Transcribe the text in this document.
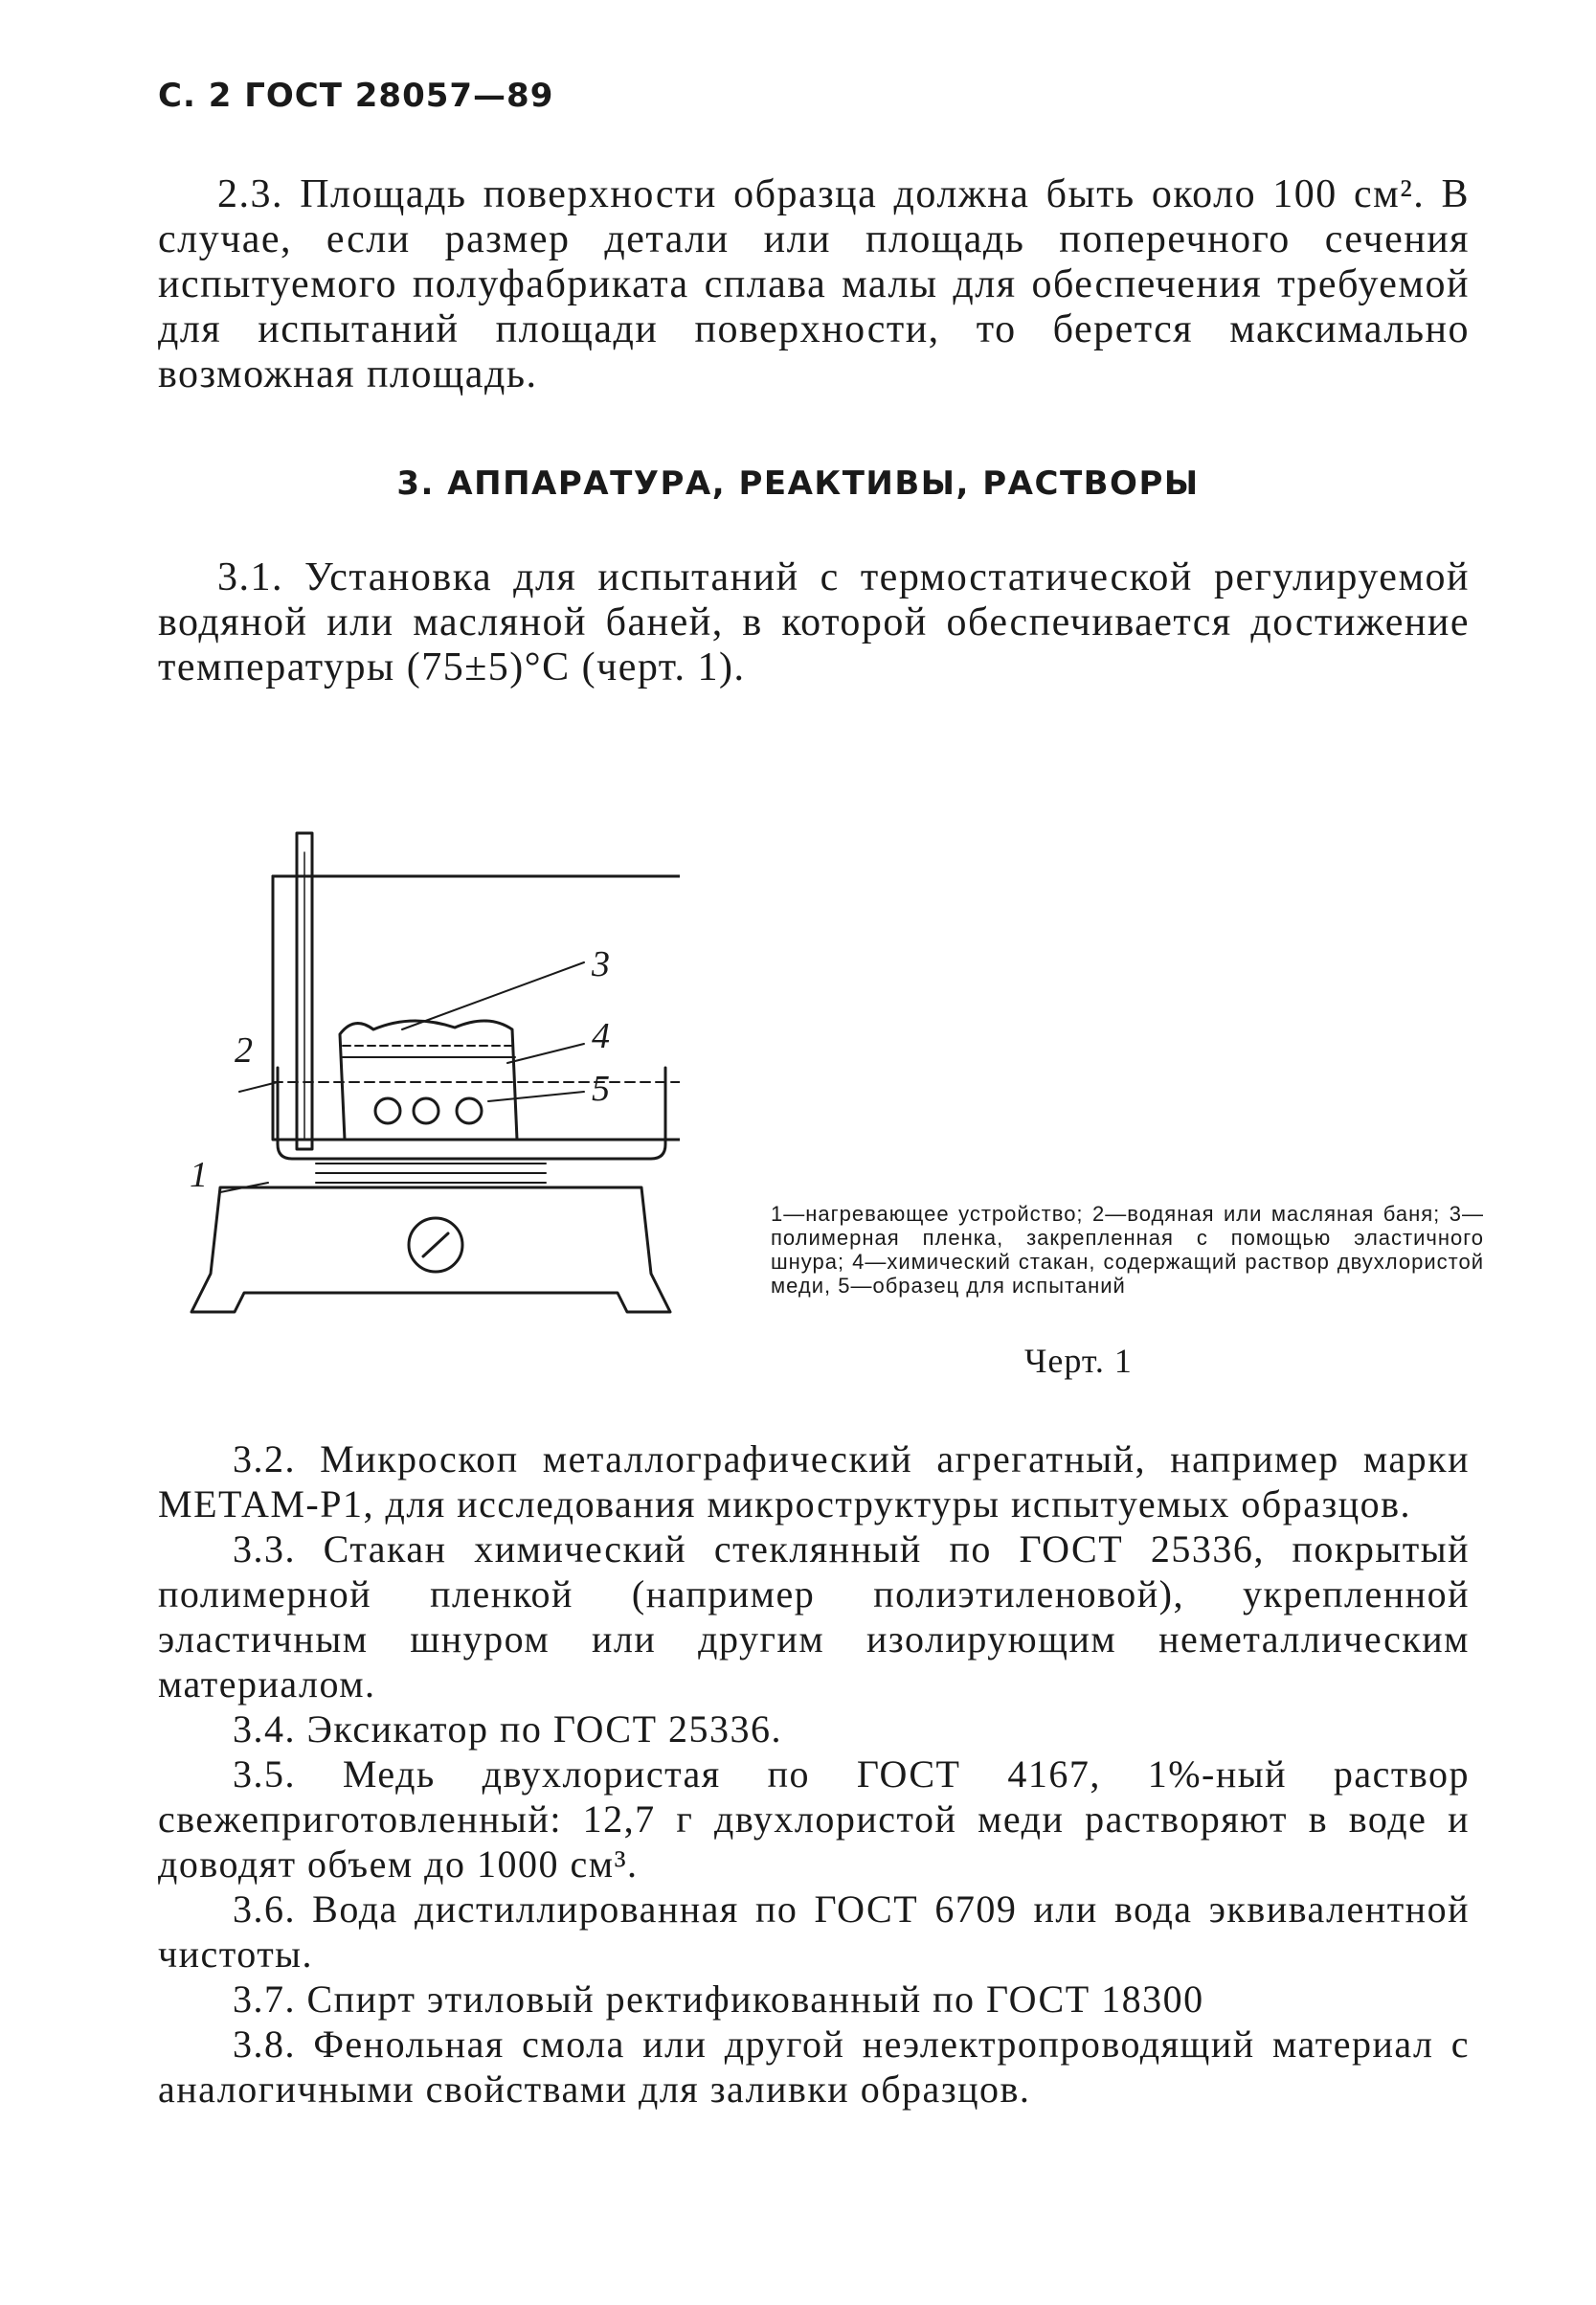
С. 2 ГОСТ 28057—89

2.3. Площадь поверхности образца должна быть около 100 см². В случае, если размер детали или площадь поперечного сечения испытуемого полуфабриката сплава малы для обеспечения требуемой для испытаний площади поверхности, то берется максимально возможная площадь.

3. АППАРАТУРА, РЕАКТИВЫ, РАСТВОРЫ

3.1. Установка для испытаний с термостатической регулируемой водяной или масляной баней, в которой обеспечивается достижение температуры (75±5)°С (черт. 1).

1
2
3
4
5
1—нагревающее устройство; 2—водяная или масляная баня; 3—полимерная пленка, закрепленная с помощью эластичного шнура; 4—химический стакан, содержащий раствор двухлористой меди, 5—образец для испытаний
Черт. 1

3.2. Микроскоп металлографический агрегатный, например марки МЕТАМ-Р1, для исследования микроструктуры испытуемых образцов.

3.3. Стакан химический стеклянный по ГОСТ 25336, покрытый полимерной пленкой (например полиэтиленовой), укрепленной эластичным шнуром или другим изолирующим неметаллическим материалом.

3.4. Эксикатор по ГОСТ 25336.

3.5. Медь двухлористая по ГОСТ 4167, 1%-ный раствор свежеприготовленный: 12,7 г двухлористой меди растворяют в воде и доводят объем до 1000 см³.

3.6. Вода дистиллированная по ГОСТ 6709 или вода эквивалентной чистоты.

3.7. Спирт этиловый ректификованный по ГОСТ 18300

3.8. Фенольная смола или другой неэлектропроводящий материал с аналогичными свойствами для заливки образцов.
